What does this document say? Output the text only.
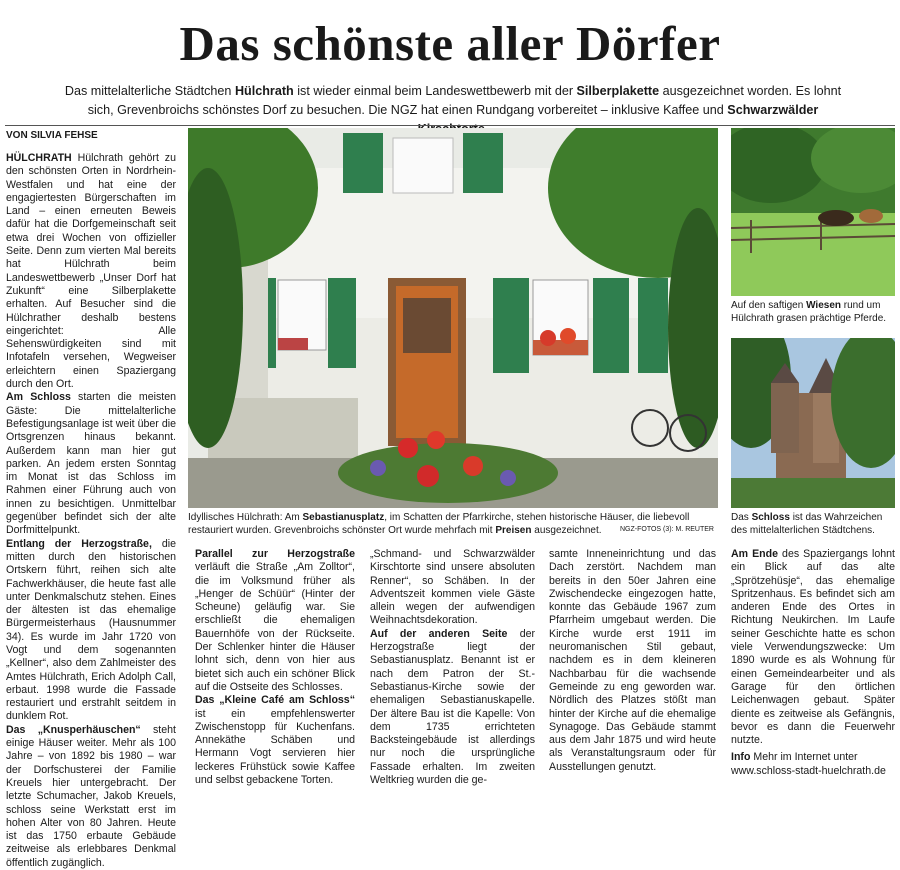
Das schönste aller Dörfer
Das mittelalterliche Städtchen Hülchrath ist wieder einmal beim Landeswettbewerb mit der Silberplakette ausgezeichnet worden. Es lohnt sich, Grevenbroichs schönstes Dorf zu besuchen. Die NGZ hat einen Rundgang vorbereitet – inklusive Kaffee und Schwarzwälder
VON SILVIA FEHSE

HÜLCHRATH Hülchrath gehört zu den schönsten Orten in Nordrhein-Westfalen und hat eine der engagiertesten Bürgerschaften im Land – einen erneuten Beweis dafür hat die Dorfgemeinschaft seit etwa drei Wochen von offizieller Seite. Denn zum vierten Mal bereits hat Hülchrath beim Landeswettbewerb „Unser Dorf hat Zukunft“ eine Silberplakette erhalten. Auf Besucher sind die Hülchrather deshalb bestens eingerichtet: Alle Sehenswürdigkeiten sind mit Infotafeln versehen, Wegweiser erleichtern einen Spaziergang durch den Ort.

Am Schloss starten die meisten Gäste: Die mittelalterliche Befestigungsanlage ist weit über die Ortsgrenzen hinaus bekannt. Außerdem kann man hier gut parken. An jedem ersten Sonntag im Monat ist das Schloss im Rahmen einer Führung auch von innen zu besichtigen. Unmittelbar gegenüber befindet sich der alte Dorfmittelpunkt.

Entlang der Herzogstraße, die mitten durch den historischen Ortskern führt, reihen sich alte Fachwerkhäuser, die heute fast alle unter Denkmalschutz stehen. Eines der ältesten ist das ehemalige Bürgermeisterhaus (Hausnummer 34). Es wurde im Jahr 1720 von Vogt und dem sogenannten „Kellner“, also dem Zahlmeister des Amtes Hülchrath, Erich Adolph Call, erbaut. 1998 wurde die Fassade restauriert und erstrahlt seitdem in dunklem Rot.

Das „Knusperhäuschen“ steht einige Häuser weiter. Mehr als 100 Jahre – von 1892 bis 1980 – war der Dorfschusterei der Familie Kreuels hier untergebracht. Der letzte Schumacher, Jakob Kreuels, schloss seine Werkstatt erst im hohen Alter von 80 Jahren. Heute ist das 1750 erbaute Gebäude zeitweise als erlebbares Denkmal öffentlich zugänglich.

Idyllisches Hülchrath: Am Sebastianusplatz, im Schatten der Pfarrkirche, stehen historische Häuser, die liebevoll restauriert wurden. Grevenbroichs schönster Ort wurde mehrfach mit Preisen ausgezeichnet.	NGZ-FOTOS (3): M. REUTER

Parallel zur Herzogstraße verläuft die Straße „Am Zolltor“, die im Volksmund früher als „Henger de Schüür“ (Hinter der Scheune) geläufig war. Sie erschließt die ehemaligen Bauernhöfe von der Rückseite. Der Schlenker hinter die Häuser lohnt sich, denn von hier aus bietet sich auch ein schöner Blick auf die Ostseite des Schlosses.

Das „Kleine Café am Schloss“ ist ein empfehlenswerter Zwischenstopp für Kuchenfans. Annekäthe Schäben und Hermann Vogt servieren hier leckeres Frühstück sowie Kaffee und selbst gebackene Torten.

„Schmand- und Schwarzwälder Kirschtorte sind unsere absoluten Renner“, so Schäben. In der Adventszeit kommen viele Gäste allein wegen der aufwendigen Weihnachtsdekoration.

Auf der anderen Seite der Herzogstraße liegt der Sebastianusplatz. Benannt ist er nach dem Patron der St.-Sebastianus-Kirche sowie der ehemaligen Sebastianuskapelle. Der ältere Bau ist die Kapelle: Von dem 1735 errichteten Backsteingebäude ist allerdings nur noch die ursprüngliche Fassade erhalten. Im zweiten Weltkrieg wurden die ge-

samte Inneneinrichtung und das Dach zerstört. Nachdem man bereits in den 50er Jahren eine Zwischendecke eingezogen hatte, konnte das Gebäude 1967 zum Pfarrheim umgebaut werden. Die Kirche wurde erst 1911 im neuromanischen Stil gebaut, nachdem es in dem kleineren Nachbarbau für die wachsende Gemeinde zu eng geworden war. Nördlich des Platzes stößt man hinter der Kirche auf die ehemalige Synagoge. Das Gebäude stammt aus dem Jahr 1875 und wird heute als Veranstaltungsraum oder für Ausstellungen genutzt.

Auf den saftigen Wiesen rund um Hülchrath grasen prächtige Pferde.
Das Schloss ist das Wahrzeichen des mittelalterlichen Städtchens.

Am Ende des Spaziergangs lohnt ein Blick auf das alte „Sprötzehüsje“, das ehemalige Spritzenhaus. Es befindet sich am anderen Ende des Ortes in Richtung Neukirchen. Im Laufe seiner Geschichte hatte es schon viele Verwendungszwecke: Um 1890 wurde es als Wohnung für einen Gemeindearbeiter und als Garage für den örtlichen Leichenwagen gebaut. Später diente es zeitweise als Gefängnis, bevor es dann die Feuerwehr nutzte.

Info Mehr im Internet unter
www.schloss-stadt-huelchrath.de
